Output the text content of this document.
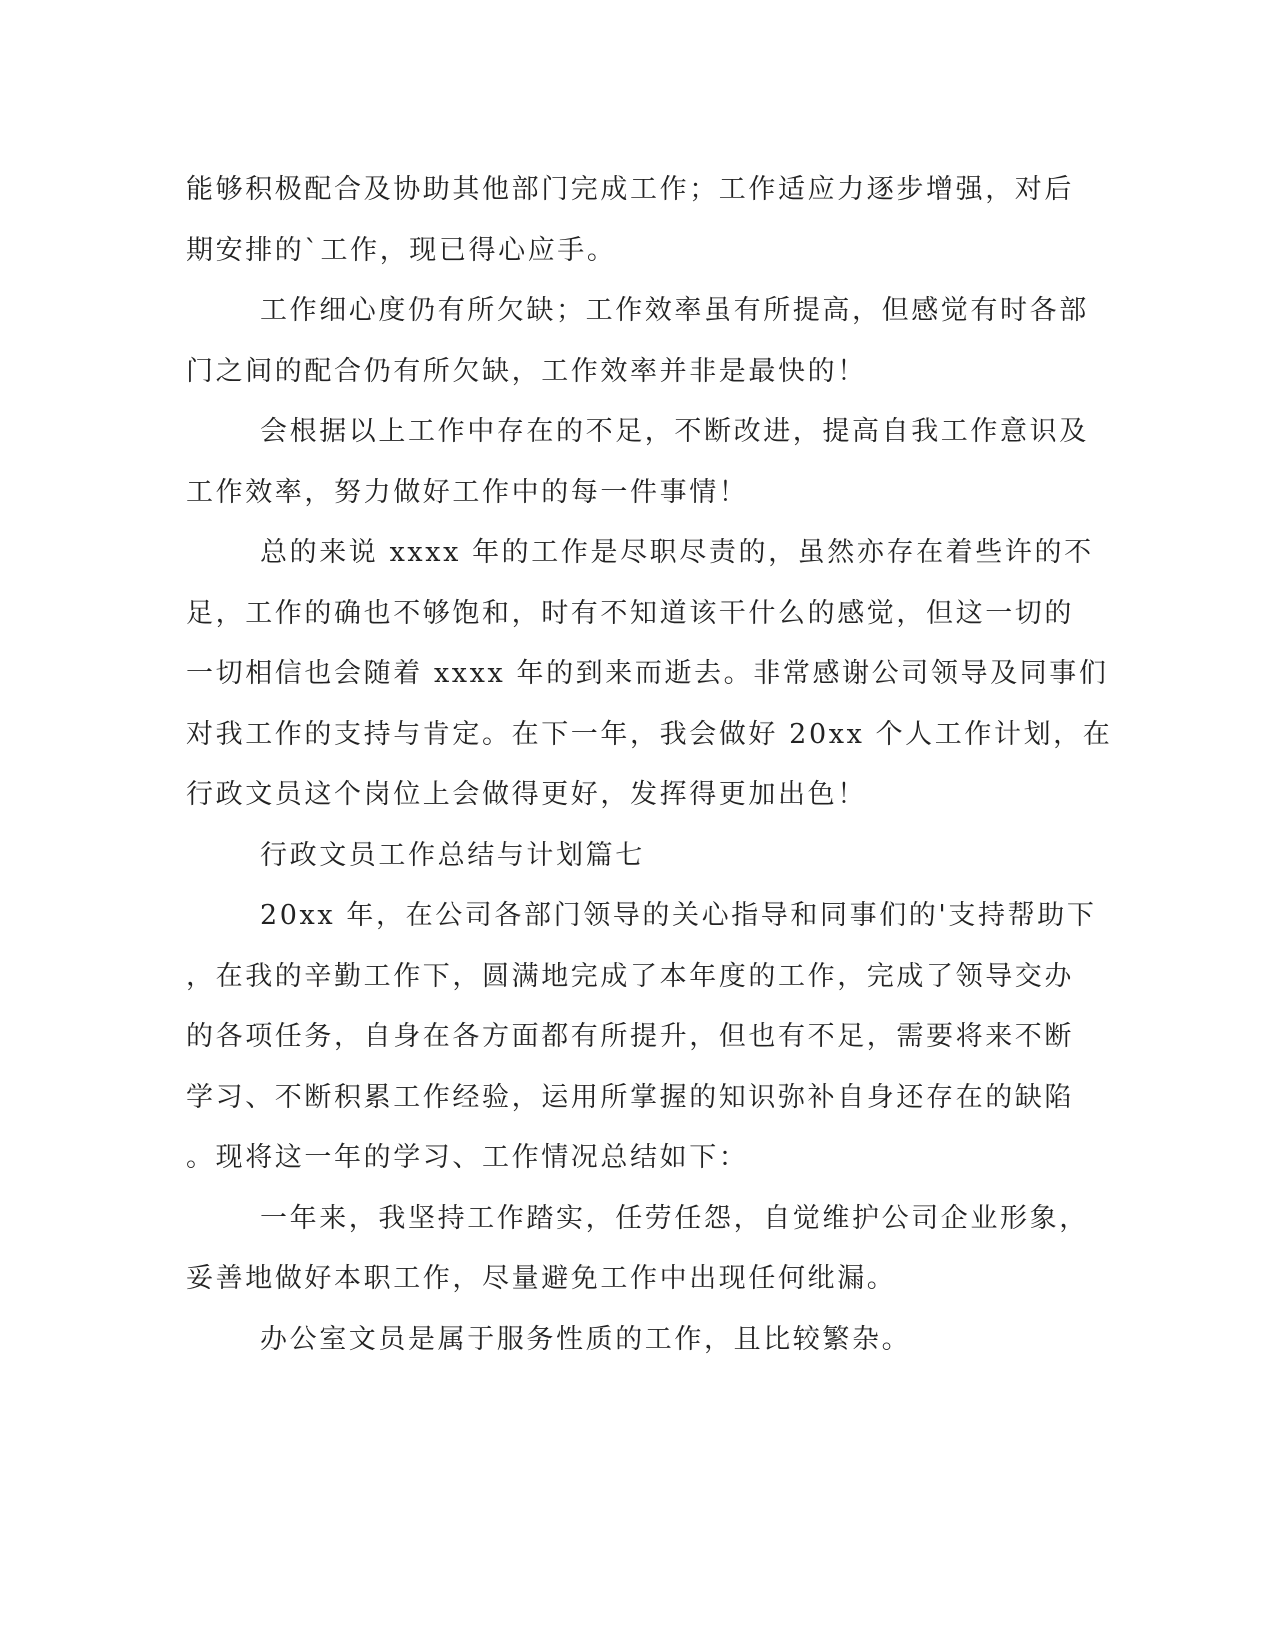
能够积极配合及协助其他部门完成工作；工作适应力逐步增强，对后
期安排的`工作，现已得心应手。
工作细心度仍有所欠缺；工作效率虽有所提高，但感觉有时各部
门之间的配合仍有所欠缺，工作效率并非是最快的！
会根据以上工作中存在的不足，不断改进，提高自我工作意识及
工作效率，努力做好工作中的每一件事情！
总的来说 xxxx 年的工作是尽职尽责的，虽然亦存在着些许的不
足，工作的确也不够饱和，时有不知道该干什么的感觉，但这一切的
一切相信也会随着 xxxx 年的到来而逝去。非常感谢公司领导及同事们
对我工作的支持与肯定。在下一年，我会做好 20xx 个人工作计划，在
行政文员这个岗位上会做得更好，发挥得更加出色！
行政文员工作总结与计划篇七
20xx 年，在公司各部门领导的关心指导和同事们的'支持帮助下
，在我的辛勤工作下，圆满地完成了本年度的工作，完成了领导交办
的各项任务，自身在各方面都有所提升，但也有不足，需要将来不断
学习、不断积累工作经验，运用所掌握的知识弥补自身还存在的缺陷
。现将这一年的学习、工作情况总结如下：
一年来，我坚持工作踏实，任劳任怨，自觉维护公司企业形象，
妥善地做好本职工作，尽量避免工作中出现任何纰漏。
办公室文员是属于服务性质的工作，且比较繁杂。
